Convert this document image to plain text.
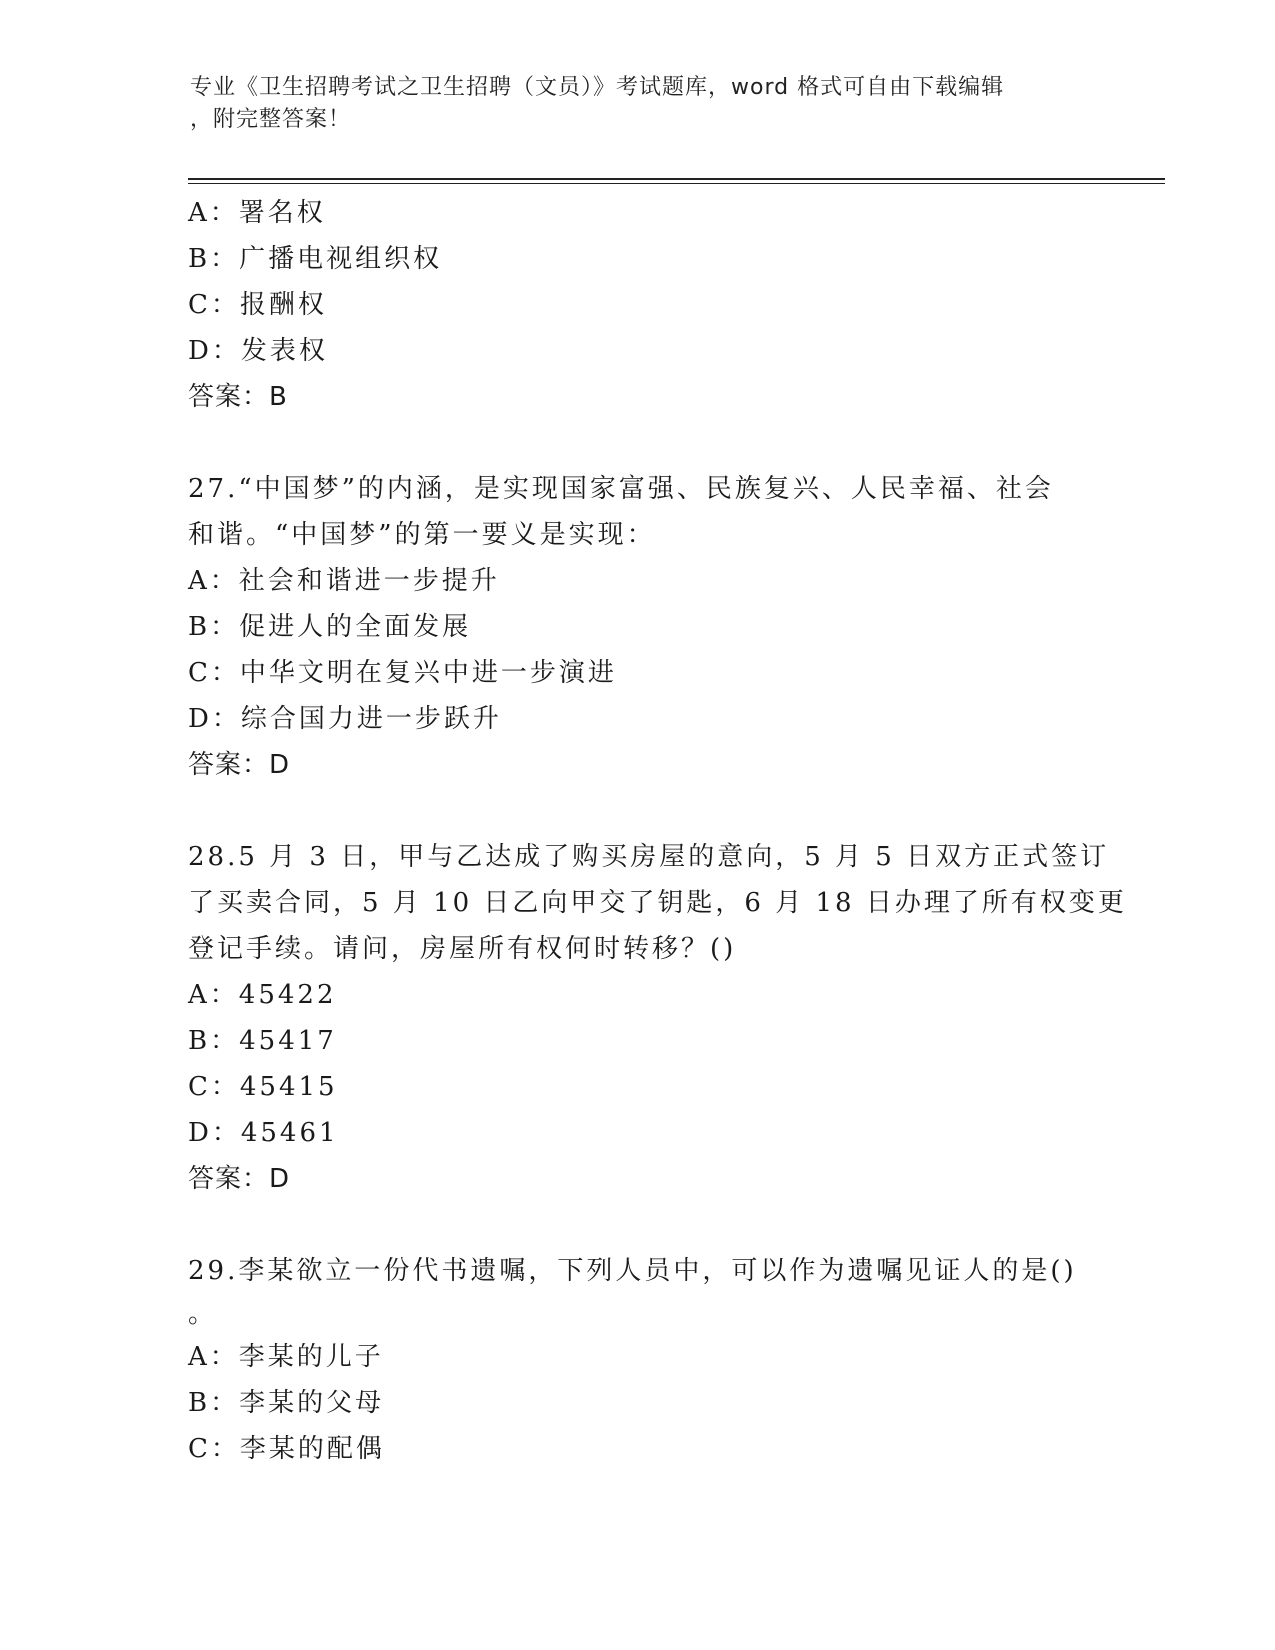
专业《卫生招聘考试之卫生招聘（文员）》考试题库，word 格式可自由下载编辑
，附完整答案！
A：署名权
B：广播电视组织权
C：报酬权
D：发表权
答案：B
27.“中国梦”的内涵，是实现国家富强、民族复兴、人民幸福、社会
和谐。“中国梦”的第一要义是实现：
A：社会和谐进一步提升
B：促进人的全面发展
C：中华文明在复兴中进一步演进
D：综合国力进一步跃升
答案：D
28.5 月 3 日，甲与乙达成了购买房屋的意向，5 月 5 日双方正式签订
了买卖合同，5 月 10 日乙向甲交了钥匙，6 月 18 日办理了所有权变更
登记手续。请问，房屋所有权何时转移？()
A：45422
B：45417
C：45415
D：45461
答案：D
29.李某欲立一份代书遗嘱，下列人员中，可以作为遗嘱见证人的是()
。
A：李某的儿子
B：李某的父母
C：李某的配偶
